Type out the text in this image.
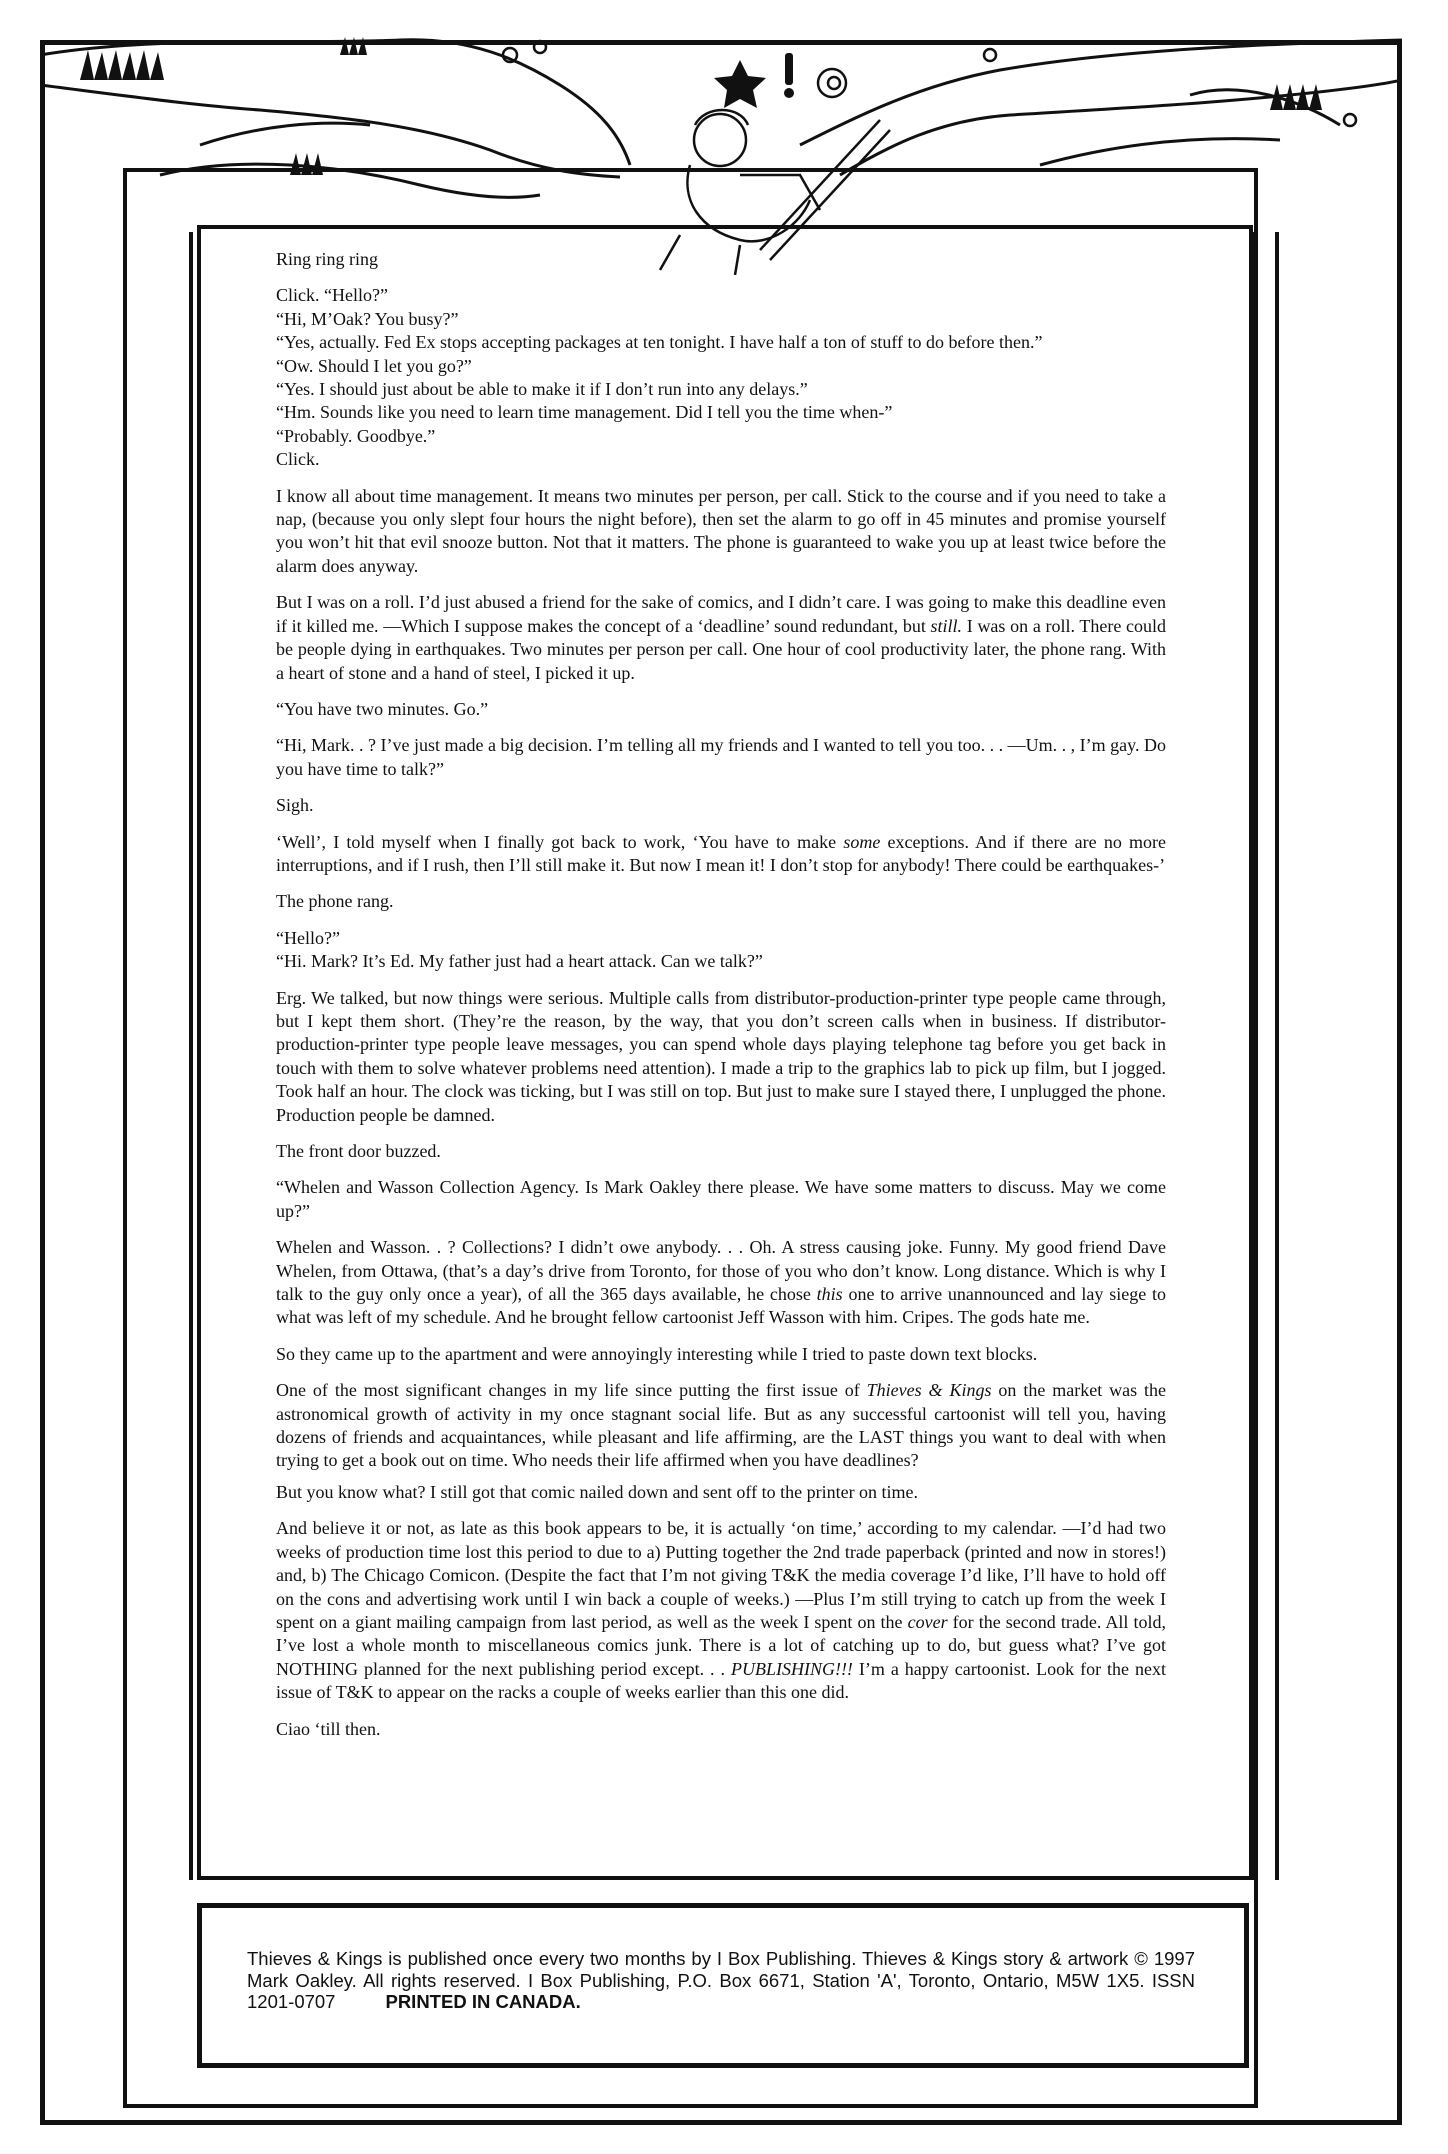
Ring ring ring

Click. “Hello?”

“Hi, M’Oak? You busy?”

“Yes, actually. Fed Ex stops accepting packages at ten tonight. I have half a ton of stuff to do before then.”

“Ow. Should I let you go?”

“Yes. I should just about be able to make it if I don’t run into any delays.”

“Hm. Sounds like you need to learn time management. Did I tell you the time when-”

“Probably. Goodbye.”

Click.

I know all about time management. It means two minutes per person, per call. Stick to the course and if you need to take a nap, (because you only slept four hours the night before), then set the alarm to go off in 45 minutes and promise yourself you won’t hit that evil snooze button. Not that it matters. The phone is guaranteed to wake you up at least twice before the alarm does anyway.

But I was on a roll. I’d just abused a friend for the sake of comics, and I didn’t care. I was going to make this deadline even if it killed me. —Which I suppose makes the concept of a ‘deadline’ sound redundant, but still. I was on a roll. There could be people dying in earthquakes. Two minutes per person per call. One hour of cool productivity later, the phone rang. With a heart of stone and a hand of steel, I picked it up.

“You have two minutes. Go.”

“Hi, Mark. . ? I’ve just made a big decision. I’m telling all my friends and I wanted to tell you too. . . —Um. . , I’m gay. Do you have time to talk?”

Sigh.

‘Well’, I told myself when I finally got back to work, ‘You have to make some exceptions. And if there are no more interruptions, and if I rush, then I’ll still make it. But now I mean it! I don’t stop for anybody! There could be earthquakes-’

The phone rang.

“Hello?”

“Hi. Mark? It’s Ed. My father just had a heart attack. Can we talk?”

Erg. We talked, but now things were serious. Multiple calls from distributor-production-printer type people came through, but I kept them short. (They’re the reason, by the way, that you don’t screen calls when in business. If distributor-production-printer type people leave messages, you can spend whole days playing telephone tag before you get back in touch with them to solve whatever problems need attention). I made a trip to the graphics lab to pick up film, but I jogged. Took half an hour. The clock was ticking, but I was still on top. But just to make sure I stayed there, I unplugged the phone. Production people be damned.

The front door buzzed.

“Whelen and Wasson Collection Agency. Is Mark Oakley there please. We have some matters to discuss. May we come up?”

Whelen and Wasson. . ? Collections? I didn’t owe anybody. . . Oh. A stress causing joke. Funny. My good friend Dave Whelen, from Ottawa, (that’s a day’s drive from Toronto, for those of you who don’t know. Long distance. Which is why I talk to the guy only once a year), of all the 365 days available, he chose this one to arrive unannounced and lay siege to what was left of my schedule. And he brought fellow cartoonist Jeff Wasson with him. Cripes. The gods hate me.

So they came up to the apartment and were annoyingly interesting while I tried to paste down text blocks.

One of the most significant changes in my life since putting the first issue of Thieves & Kings on the market was the astronomical growth of activity in my once stagnant social life. But as any successful cartoonist will tell you, having dozens of friends and acquaintances, while pleasant and life affirming, are the LAST things you want to deal with when trying to get a book out on time. Who needs their life affirmed when you have deadlines?

But you know what? I still got that comic nailed down and sent off to the printer on time.

And believe it or not, as late as this book appears to be, it is actually ‘on time,’ according to my calendar. —I’d had two weeks of production time lost this period to due to a) Putting together the 2nd trade paperback (printed and now in stores!) and, b) The Chicago Comicon. (Despite the fact that I’m not giving T&K the media coverage I’d like, I’ll have to hold off on the cons and advertising work until I win back a couple of weeks.) —Plus I’m still trying to catch up from the week I spent on a giant mailing campaign from last period, as well as the week I spent on the cover for the second trade. All told, I’ve lost a whole month to miscellaneous comics junk. There is a lot of catching up to do, but guess what? I’ve got NOTHING planned for the next publishing period except. . . PUBLISHING!!! I’m a happy cartoonist. Look for the next issue of T&K to appear on the racks a couple of weeks earlier than this one did.

Ciao ‘till then.

Thieves & Kings is published once every two months by I Box Publishing. Thieves & Kings story & artwork © 1997 Mark Oakley. All rights reserved. I Box Publishing, P.O. Box 6671, Station 'A', Toronto, Ontario, M5W 1X5. ISSN 1201-0707	PRINTED IN CANADA.
